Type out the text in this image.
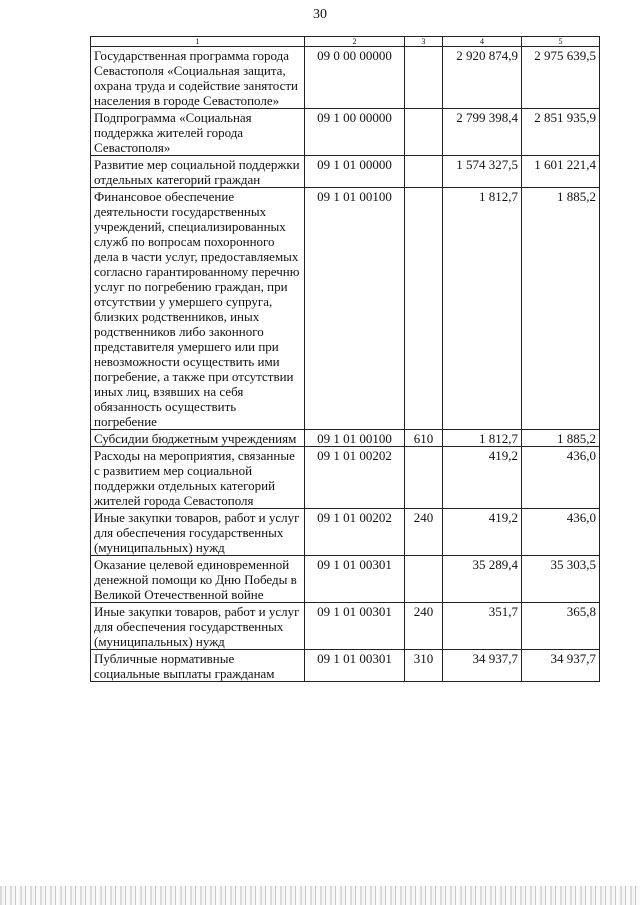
30
1	2	3	4	5
Государственная программа города Севастополя «Социальная защита, охрана труда и содействие занятости населения в городе Севастополе»	09 0 00 00000		2 920 874,9	2 975 639,5
Подпрограмма «Социальная поддержка жителей города Севастополя»	09 1 00 00000		2 799 398,4	2 851 935,9
Развитие мер социальной поддержки отдельных категорий граждан	09 1 01 00000		1 574 327,5	1 601 221,4
Финансовое обеспечение деятельности государственных учреждений, специализированных служб по вопросам похоронного дела в части услуг, предоставляемых согласно гарантированному перечню услуг по погребению граждан, при отсутствии у умершего супруга, близких родственников, иных родственников либо законного представителя умершего или при невозможности осуществить ими погребение, а также при отсутствии иных лиц, взявших на себя обязанность осуществить погребение	09 1 01 00100		1 812,7	1 885,2
Субсидии бюджетным учреждениям	09 1 01 00100	610	1 812,7	1 885,2
Расходы на мероприятия, связанные с развитием мер социальной поддержки отдельных категорий жителей города Севастополя	09 1 01 00202		419,2	436,0
Иные закупки товаров, работ и услуг для обеспечения государственных (муниципальных) нужд	09 1 01 00202	240	419,2	436,0
Оказание целевой единовременной денежной помощи ко Дню Победы в Великой Отечественной войне	09 1 01 00301		35 289,4	35 303,5
Иные закупки товаров, работ и услуг для обеспечения государственных (муниципальных) нужд	09 1 01 00301	240	351,7	365,8
Публичные нормативные социальные выплаты гражданам	09 1 01 00301	310	34 937,7	34 937,7
